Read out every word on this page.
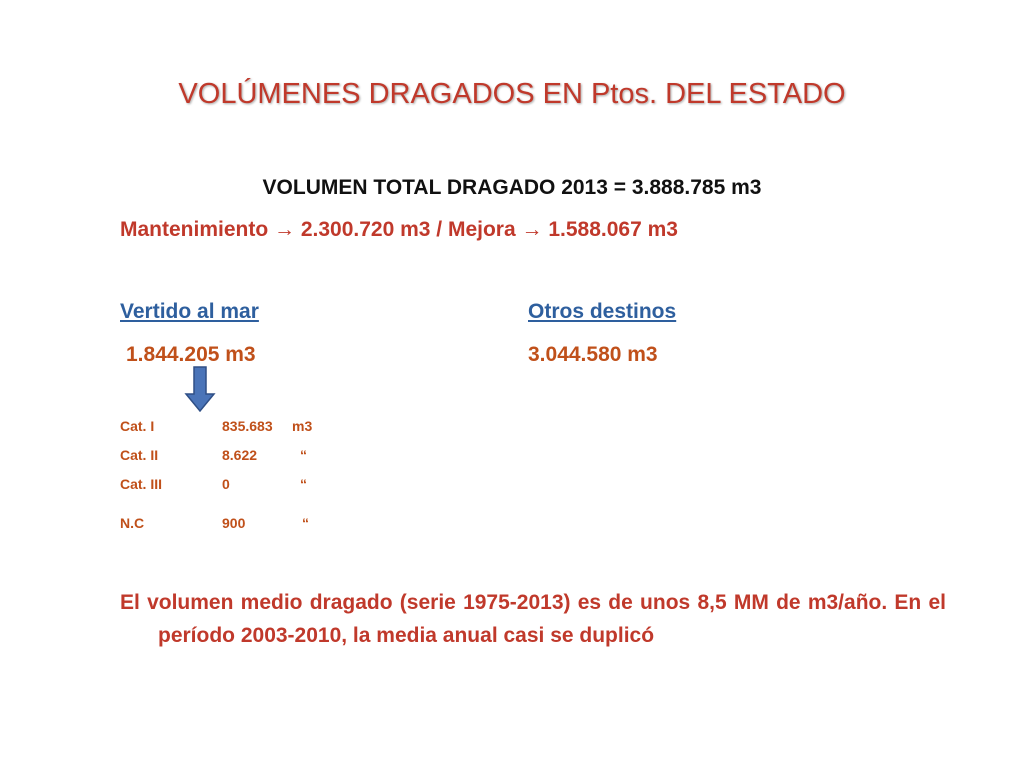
VOLÚMENES DRAGADOS EN Ptos. DEL ESTADO
VOLUMEN TOTAL DRAGADO 2013 = 3.888.785 m3
Mantenimiento → 2.300.720 m3 / Mejora → 1.588.067 m3
Vertido al mar	Otros destinos
1.844.205 m3	3.044.580 m3
Cat. I	835.683 m3
Cat. II	8.622	“
Cat. III	0	“
N.C	900	“
El volumen medio dragado (serie 1975-2013) es de unos 8,5 MM de m3/año. En el período 2003-2010, la media anual casi se duplicó
